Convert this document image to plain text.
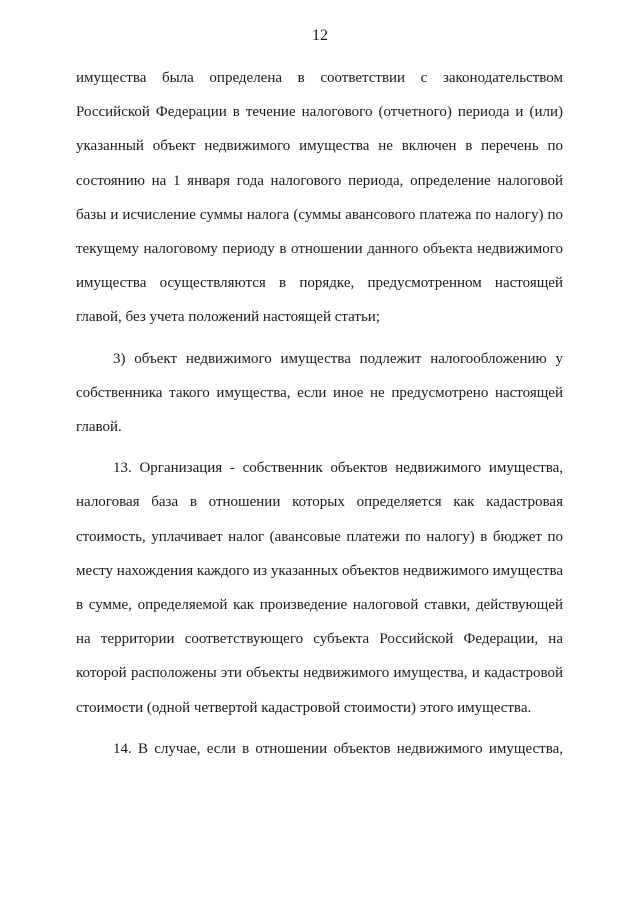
12

имущества была определена в соответствии с законодательством Российской Федерации в течение налогового (отчетного) периода и (или) указанный объект недвижимого имущества не включен в перечень по состоянию на 1 января года налогового периода, определение налоговой базы и исчисление суммы налога (суммы авансового платежа по налогу) по текущему налоговому периоду в отношении данного объекта недвижимого имущества осуществляются в порядке, предусмотренном настоящей главой, без учета положений настоящей статьи;

3) объект недвижимого имущества подлежит налогообложению у собственника такого имущества, если иное не предусмотрено настоящей главой.

13. Организация - собственник объектов недвижимого имущества, налоговая база в отношении которых определяется как кадастровая стоимость, уплачивает налог (авансовые платежи по налогу) в бюджет по месту нахождения каждого из указанных объектов недвижимого имущества в сумме, определяемой как произведение налоговой ставки, действующей на территории соответствующего субъекта Российской Федерации, на которой расположены эти объекты недвижимого имущества, и кадастровой стоимости (одной четвертой кадастровой стоимости) этого имущества.

14. В случае, если в отношении объектов недвижимого имущества,
